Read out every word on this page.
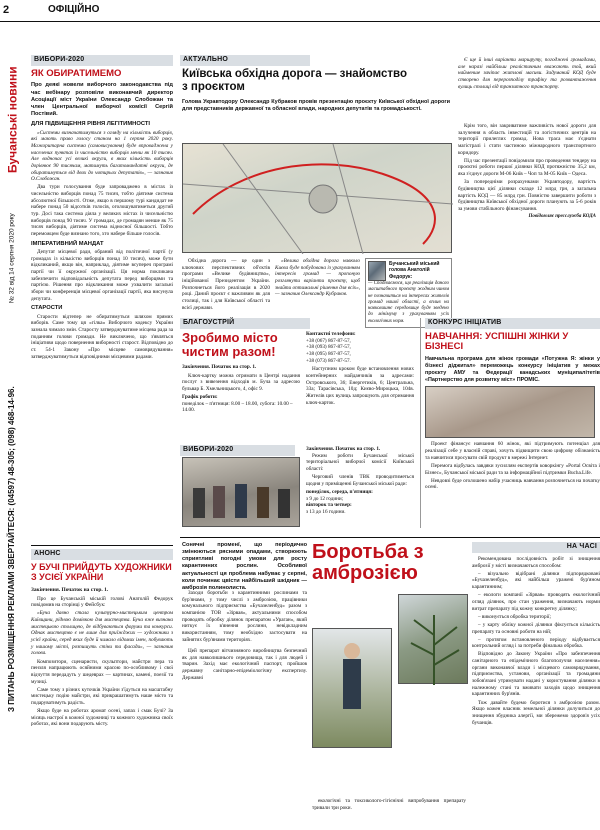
2	ОФІЦІЙНО
Бучанські новини
№ 32 від 14 серпня 2020 року
З ПИТАНЬ РОЗМІЩЕННЯ РЕКЛАМИ ЗВЕРТАЙТЕСЯ: (04597) 48-305; (098) 468-14-96.
ВИБОРИ-2020
ЯК ОБИРАТИМЕМО
Про деякі новели виборчого законодавства під час вебінару розповіли виконавчий директор Асоціації міст України Олександр Слобожан та член Центральної виборчої комісії Сергій Постівий.
ДЛЯ ПІДВИЩЕННЯ РІВНЯ ЛЕГІТИМНОСТІ

«Системи визначатимуться з огляду на кількість виборців, які мають право голосу станом на 1 серпня 2020 року. Мажоритарна система (самовисування) буде впроваджена у населених пунктах із чисельністю виборців менш як 10 тисяч. Але водночас усі великі округи, в яких кількість виборців дорівнює 90 тисячам, матимуть багатомандатні округи, де обиратимуться від двох до чотирьох депутатів», — зазначив О.Слобожан.

Два тури голосування буде запроваджено в містах із чисельністю виборців понад 75 тисяч, тобто діятиме система абсолютної більшості. Отже, якщо в першому турі кандидат не набере понад 50 відсотків голосів, оголошуватиметься другий тур. Досі така система діяла у великих містах із чисельністю виборців понад 90 тисяч. У громадах, де громадян менше як 75 тисяч виборців, діятиме система відносної більшості. Тобто переможцем буде визнано того, хто набере більше голосів.

ІМПЕРАТИВНИЙ МАНДАТ

Депутат місцевої ради, обраний від політичної партії (у громадах із кількістю виборців понад 10 тисяч), може бути відкликаний, якщо він, наприклад, діятиме всупереч програмі партії чи її окружної організації. Ця норма покликана забезпечити відповідальність депутата перед виборцями та партією. Рішення про відкликання може ухвалити загальні збори чи конференція місцевої організації партії, яка висунула депутата.

СТАРОСТИ

Старости відтепер не обиратимуться шляхом прямих виборів. Саме тому ця «гілка» Виборчого кодексу України зазнала чимало змін. Старосту затверджуватиме місцева рада за поданням голови громади. Не виключено, що з'являться ініціативи щодо повернення виборності старост. Відповідно до ст. 54-1 Закону «Про місцеве самоврядування» затверджуватимуться відповідними місцевими радами.

АНОНС
У БУЧІ ПРИЙДУТЬ ХУДОЖНИКИ З УСІЄЇ УКРАЇНИ
Закінчення. Початок на стор. 1.

Про це Бучанській міській голові Анатолій Федорук повідомив на сторінці у Фейсбук:

«Буча давно стала культурно-мистецьким центром Київщини, рідною домівкою для мистецтва. Буча вже визнана мистецькою столицею, де відбуваються форуми та конкурси. Однак мистецтво є не лише для приїжджих — художники з усієї країни, серед яких буде й чимало відомих імен, побувають у нашому місті, розпишуть стіни та фасади», — зазначив голова.

Композитори, сценаристи, скульптори, майстри пера та пензля напрацюють осяйними красою по-особливому і свої відчуття передадуть у шедеврах — картинах, каменi, поезії та музиці.

Саме тому з різних куточків України з'їдуться на масштабну мистецьку подію майстри, які прикрашатимуть наше місто та подаруватимуть радість.

Якщо буде на роботах аромат осені, запах і смак Бучі? За місяць настрої в кожної художниці та кожного художника своїх роботах, які вони подарують місту.

АКТУАЛЬНО
Київська обхідна дорога — знайомство з проєктом
Голова Укравтодору Олександр Кубраков провів презентацію проєкту Київської обхідної дороги для представників державної та обласної влади, народних депутатів та громадськості.

Обхідна дорога — це один з ключових перспективних об'єктів програми «Велике будівництво», ініційованої Президентом України. Розпочнеться його реалізація в 2020 році. Даний проєкт є важливим як для столиці, так і для Київської області та всієї держави.

«Велика обхідна дорога навколо Києва буде побудована із урахуванням інтересів громад — пропоную розглянути варіанти проєкту, щоб знайти оптимальні рішення для всіх», — зазначив Олександр Кубраков.

Бучанський міський голова Анатолій Федорук:
— Сподіваємося, що реалізація даного масштабного проєкту жодним чином не позначиться на інтересах жителів громад нашої області, а вплив на навколишнє середовище буде зведено до мінімуму з урахуванням усіх екологічних норм.

Є ще й інші варіанти маршруту, погоджені громадами, але наразі найбільш реалістичним вважають той, який найменше зачіпає житлові масиви. Задуманий КОД буде створено для перерозподілу трафіку та розвантаження вулиць столиці від транзитного транспорту.

Крім того, він закриватиме важливість нової дороги для залучення в область інвестицій та логістичних центрів на території прилеглих громад. Нова траса має з'єднати магістралі і стати частиною міжнародного транспортного коридору.

Під час презентації повідомили про проведення тендеру на проєктні роботи першої ділянки КОД протяжністю 35,2 км, яка з'єднує дороги М-06 Київ – Чоп та М-05 Київ – Одеса.

За попередніми розрахунками Укравтодору, вартість будівництва цієї ділянки складе 12 млрд грн, а загальна вартість КОД — 85 млрд грн. Повністю завершити роботи з будівництва Київської обхідної дороги планують за 5-6 років за умови стабільного фінансування.

Повідомляє пресслужба КОДА
БЛАГОУСТРІЙ
Зробимо місто чистим разом!
Закінчення. Початок на стор. 1.

Ключ-картку можна отримати в Центрі надання послуг з вивезення відходів м. Буча за адресою бульвар Б. Хмельницького, 4, офіс 9.

Графік роботи:
понеділок – п'ятниця: 8.00 – 18.00, субота: 10.00 – 14.00.
Контактні телефони:
+38 (067) 867-87-57,
+38 (093) 867-87-57,
+38 (095) 867-87-57,
+38 (073) 867-87-57.

Наступним кроком буде встановлення нових контейнерних майданчиків за адресами: Островського, 36; Енергетиків, 6; Центральна, 33а; Тарасівська, 10д; Києво-Мироцька, 104в. Жителів цих вулиць запрошують для отримання ключ-карток.

ВИБОРИ-2020	Закінчення. Початок на стор. 1.

Режим роботи Бучанської міської територіальної виборчої комісії Київської області:

Черговий членів ТВК проводитиметься щодня у приміщенні Бучанської міської ради:

понеділок, середа, п'ятниця:
з 9 до 12 години;
вівторок та четвер:
з 13 до 16 години.
КОНКУРС ІНІЦІАТИВ
НАВЧАННЯ: УСПІШНІ ЖІНКИ У БІЗНЕСІ
Навчальна програма для жінок громади «Потужна Я: жінки у бізнесі діджитал» переможець конкурсу ініціатив у межах проєкту АМУ та Федерації канадських муніципалітетів «Партнерство для розвитку міст» ПРОМІС.

Проект фінансує навчання 60 жінок, які підтримують потенціал для реалізації себе у власній справі, хочуть підвищити свою цифрову обізнаність та навчитися просувати свій продукт в мережі Інтернет.

Перемога відбулась завдяки зусиллям експертів коворкінгу «Portal Освіта і Бізнес», Бучанської міської ради та за інформаційної підтримки Bucha.Life.

Невдовзі буде оголошено набір учасниць навчання розпочнеться на початку осені.

Сонячні променї, що періодично змінюються рясними опадами, створюють сприятливі погодні умови для росту карантинних рослин. Особливої актуальності ця проблема набуває у серпні, коли починає цвісти найбільший шкідник — амброзія полинолиста.
Боротьба з амброзією

Заходи боротьби з карантинними рослинами та бур'янами, у тому числі з амброзією, працівники комунального підприємства «Бучазеленбуд» разом з компанією ТОВ «Зірвая», актуальними способом проводять обробку ділянок препаратом «Ураган», який ниткує їх в'янення рослини, невідкладним використанням, тому необхідно застосувати на зайнятих бур'янами територіях.

Цей препарат вітчизняного виробництва безпечний як для навколишнього середовища, так і для людей і тварин. Захід має екологічний паспорт, пройшов державну санітарно-епідеміологічну експертизу. Державні

екологічні та токсиколого-гігієнічні випробування препарату тривали три роки.

НА ЧАСІ

Рекомендована послідовність робіт зі знищення амброзії у місті визначаються способом:

– візуально відібрані ділянки підпорядковані «Бучазеленбуд», які найбільш уражені бур'яном карантинним;

– екологи компанії «Зірвая» проводять екологічний огляд ділянок, про стан ураження, визначають норми витрат препарату під кожну конкретну ділянку;

– виконується обробка території;

– у карту обліку кожної ділянки фіксується кількість препарату та основні роботи на ній;

– протягом встановленого періоду відбувається контрольний огляд і за потреби фінальна обробка.

Відповідно до Закону України «Про забезпечення санітарного та епідемічного благополуччя населення» органи виконавчої влади і місцевого самоврядування, підприємства, установи, організації та громадяни зобов'язані утримувати надані у користування ділянки в належному стані та вживати заходів щодо знищення карантинних бур'янів.

Тож давайте будемо боротися з амброзією разом. Якщо кожен власник земельної ділянки долучиться до знищення збудника алергії, ми збережемо здоров'я усіх бучанців.
